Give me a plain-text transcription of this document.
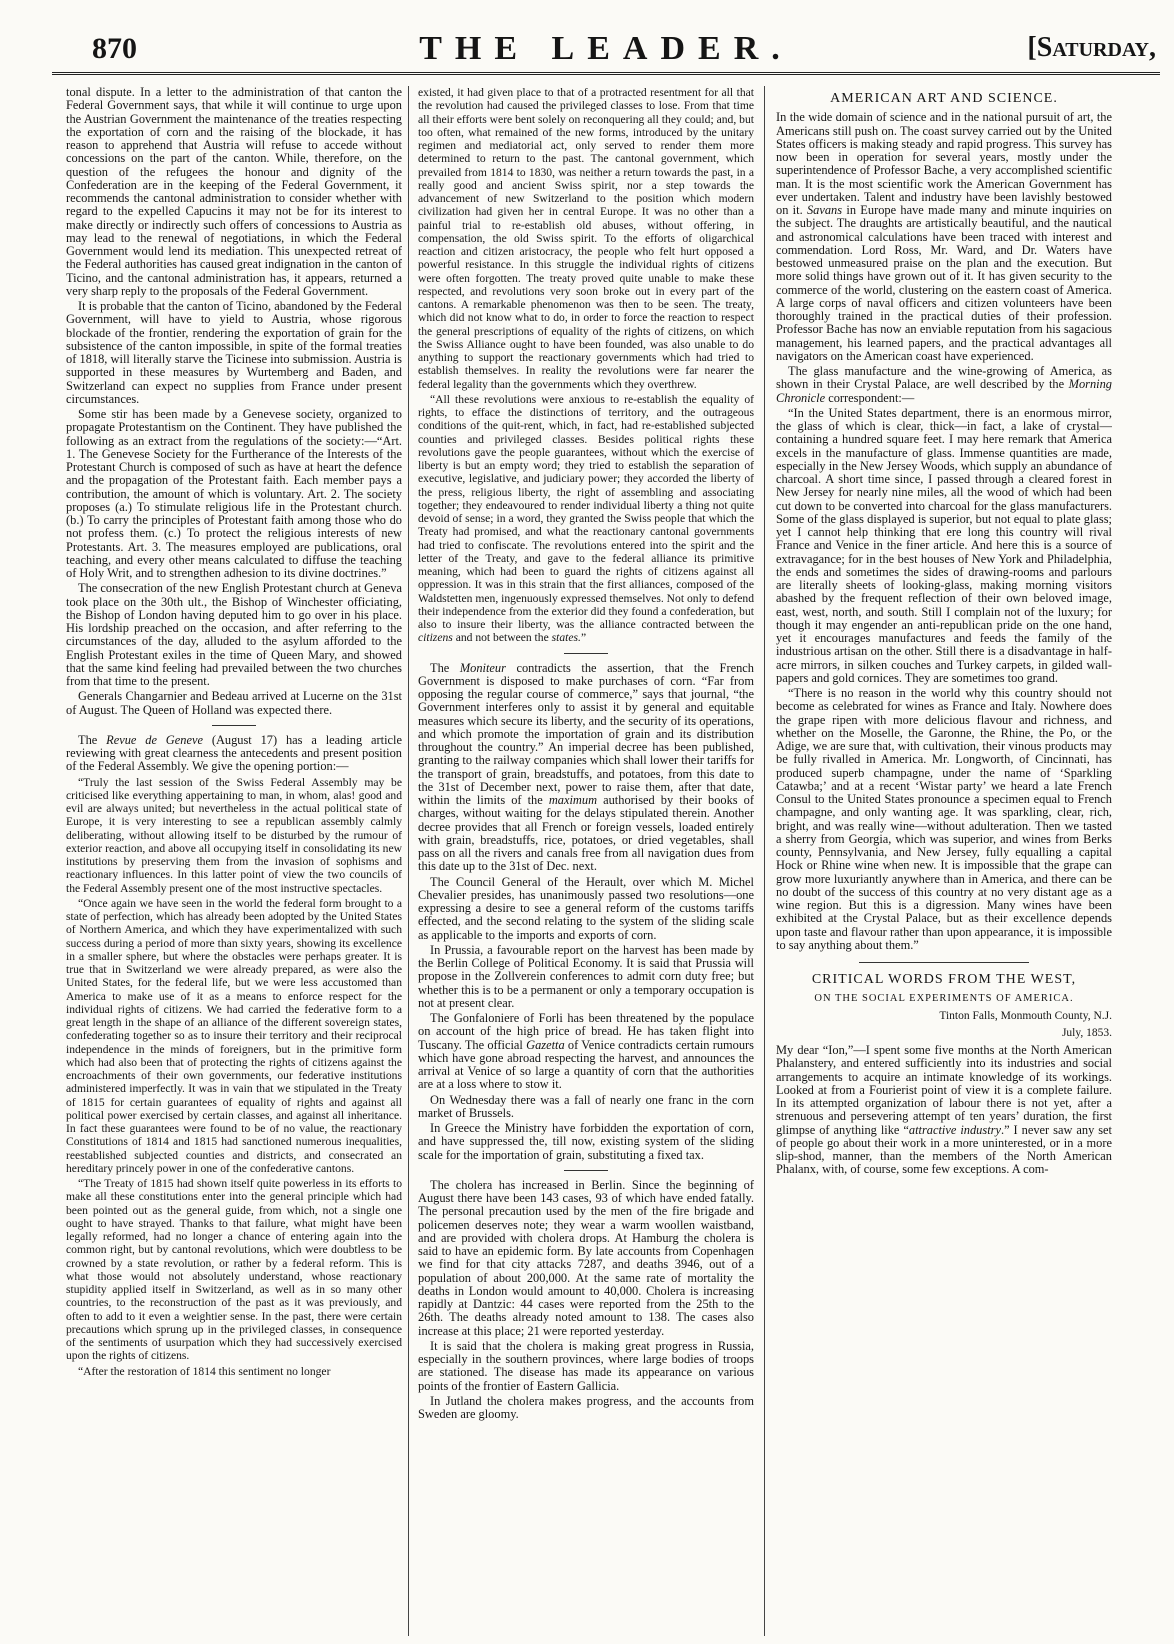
870	THE LEADER.	[Saturday,

tonal dispute. In a letter to the administration of that canton the Federal Government says, that while it will continue to urge upon the Austrian Government the maintenance of the treaties respecting the exportation of corn and the raising of the blockade, it has reason to apprehend that Austria will refuse to accede without concessions on the part of the canton. While, therefore, on the question of the refugees the honour and dignity of the Confederation are in the keeping of the Federal Government, it recommends the cantonal administration to consider whether with regard to the expelled Capucins it may not be for its interest to make directly or indirectly such offers of concessions to Austria as may lead to the renewal of negotiations, in which the Federal Government would lend its mediation. This unexpected retreat of the Federal authorities has caused great indignation in the canton of Ticino, and the cantonal administration has, it appears, returned a very sharp reply to the proposals of the Federal Government.

It is probable that the canton of Ticino, abandoned by the Federal Government, will have to yield to Austria, whose rigorous blockade of the frontier, rendering the exportation of grain for the subsistence of the canton impossible, in spite of the formal treaties of 1818, will literally starve the Ticinese into submission. Austria is supported in these measures by Wurtemberg and Baden, and Switzerland can expect no supplies from France under present circumstances.

Some stir has been made by a Genevese society, organized to propagate Protestantism on the Continent. They have published the following as an extract from the regulations of the society:—“Art. 1. The Genevese Society for the Furtherance of the Interests of the Protestant Church is composed of such as have at heart the defence and the propagation of the Protestant faith. Each member pays a contribution, the amount of which is voluntary. Art. 2. The society proposes (a.) To stimulate religious life in the Protestant church. (b.) To carry the principles of Protestant faith among those who do not profess them. (c.) To protect the religious interests of new Protestants. Art. 3. The measures employed are publications, oral teaching, and every other means calculated to diffuse the teaching of Holy Writ, and to strengthen adhesion to its divine doctrines.”

The consecration of the new English Protestant church at Geneva took place on the 30th ult., the Bishop of Winchester officiating, the Bishop of London having deputed him to go over in his place. His lordship preached on the occasion, and after referring to the circumstances of the day, alluded to the asylum afforded to the English Protestant exiles in the time of Queen Mary, and showed that the same kind feeling had prevailed between the two churches from that time to the present.

Generals Changarnier and Bedeau arrived at Lucerne on the 31st of August. The Queen of Holland was expected there.

The Revue de Geneve (August 17) has a leading article reviewing with great clearness the antecedents and present position of the Federal Assembly. We give the opening portion:—

“Truly the last session of the Swiss Federal Assembly may be criticised like everything appertaining to man, in whom, alas! good and evil are always united; but nevertheless in the actual political state of Europe, it is very interesting to see a republican assembly calmly deliberating, without allowing itself to be disturbed by the rumour of exterior reaction, and above all occupying itself in consolidating its new institutions by preserving them from the invasion of sophisms and reactionary influences. In this latter point of view the two councils of the Federal Assembly present one of the most instructive spectacles.

“Once again we have seen in the world the federal form brought to a state of perfection, which has already been adopted by the United States of Northern America, and which they have experimentalized with such success during a period of more than sixty years, showing its excellence in a smaller sphere, but where the obstacles were perhaps greater. It is true that in Switzerland we were already prepared, as were also the United States, for the federal life, but we were less accustomed than America to make use of it as a means to enforce respect for the individual rights of citizens. We had carried the federative form to a great length in the shape of an alliance of the different sovereign states, confederating together so as to insure their territory and their reciprocal independence in the minds of foreigners, but in the primitive form which had also been that of protecting the rights of citizens against the encroachments of their own governments, our federative institutions administered imperfectly. It was in vain that we stipulated in the Treaty of 1815 for certain guarantees of equality of rights and against all political power exercised by certain classes, and against all inheritance. In fact these guarantees were found to be of no value, the reactionary Constitutions of 1814 and 1815 had sanctioned numerous inequalities, reestablished subjected counties and districts, and consecrated an hereditary princely power in one of the confederative cantons.

“The Treaty of 1815 had shown itself quite powerless in its efforts to make all these constitutions enter into the general principle which had been pointed out as the general guide, from which, not a single one ought to have strayed. Thanks to that failure, what might have been legally reformed, had no longer a chance of entering again into the common right, but by cantonal revolutions, which were doubtless to be crowned by a state revolution, or rather by a federal reform. This is what those would not absolutely understand, whose reactionary stupidity applied itself in Switzerland, as well as in so many other countries, to the reconstruction of the past as it was previously, and often to add to it even a weightier sense. In the past, there were certain precautions which sprung up in the privileged classes, in consequence of the sentiments of usurpation which they had successively exercised upon the rights of citizens.

“After the restoration of 1814 this sentiment no longer

existed, it had given place to that of a protracted resentment for all that the revolution had caused the privileged classes to lose. From that time all their efforts were bent solely on reconquering all they could; and, but too often, what remained of the new forms, introduced by the unitary regimen and mediatorial act, only served to render them more determined to return to the past. The cantonal government, which prevailed from 1814 to 1830, was neither a return towards the past, in a really good and ancient Swiss spirit, nor a step towards the advancement of new Switzerland to the position which modern civilization had given her in central Europe. It was no other than a painful trial to re-establish old abuses, without offering, in compensation, the old Swiss spirit. To the efforts of oligarchical reaction and citizen aristocracy, the people who felt hurt opposed a powerful resistance. In this struggle the individual rights of citizens were often forgotten. The treaty proved quite unable to make these respected, and revolutions very soon broke out in every part of the cantons. A remarkable phenomenon was then to be seen. The treaty, which did not know what to do, in order to force the reaction to respect the general prescriptions of equality of the rights of citizens, on which the Swiss Alliance ought to have been founded, was also unable to do anything to support the reactionary governments which had tried to establish themselves. In reality the revolutions were far nearer the federal legality than the governments which they overthrew.

“All these revolutions were anxious to re-establish the equality of rights, to efface the distinctions of territory, and the outrageous conditions of the quit-rent, which, in fact, had re-established subjected counties and privileged classes. Besides political rights these revolutions gave the people guarantees, without which the exercise of liberty is but an empty word; they tried to establish the separation of executive, legislative, and judiciary power; they accorded the liberty of the press, religious liberty, the right of assembling and associating together; they endeavoured to render individual liberty a thing not quite devoid of sense; in a word, they granted the Swiss people that which the Treaty had promised, and what the reactionary cantonal governments had tried to confiscate. The revolutions entered into the spirit and the letter of the Treaty, and gave to the federal alliance its primitive meaning, which had been to guard the rights of citizens against all oppression. It was in this strain that the first alliances, composed of the Waldstetten men, ingenuously expressed themselves. Not only to defend their independence from the exterior did they found a confederation, but also to insure their liberty, was the alliance contracted between the citizens and not between the states.”

The Moniteur contradicts the assertion, that the French Government is disposed to make purchases of corn. “Far from opposing the regular course of commerce,” says that journal, “the Government interferes only to assist it by general and equitable measures which secure its liberty, and the security of its operations, and which promote the importation of grain and its distribution throughout the country.” An imperial decree has been published, granting to the railway companies which shall lower their tariffs for the transport of grain, breadstuffs, and potatoes, from this date to the 31st of December next, power to raise them, after that date, within the limits of the maximum authorised by their books of charges, without waiting for the delays stipulated therein. Another decree provides that all French or foreign vessels, loaded entirely with grain, breadstuffs, rice, potatoes, or dried vegetables, shall pass on all the rivers and canals free from all navigation dues from this date up to the 31st of Dec. next.

The Council General of the Herault, over which M. Michel Chevalier presides, has unanimously passed two resolutions—one expressing a desire to see a general reform of the customs tariffs effected, and the second relating to the system of the sliding scale as applicable to the imports and exports of corn.

In Prussia, a favourable report on the harvest has been made by the Berlin College of Political Economy. It is said that Prussia will propose in the Zollverein conferences to admit corn duty free; but whether this is to be a permanent or only a temporary occupation is not at present clear.

The Gonfaloniere of Forli has been threatened by the populace on account of the high price of bread. He has taken flight into Tuscany. The official Gazetta of Venice contradicts certain rumours which have gone abroad respecting the harvest, and announces the arrival at Venice of so large a quantity of corn that the authorities are at a loss where to stow it.

On Wednesday there was a fall of nearly one franc in the corn market of Brussels.

In Greece the Ministry have forbidden the exportation of corn, and have suppressed the, till now, existing system of the sliding scale for the importation of grain, substituting a fixed tax.

The cholera has increased in Berlin. Since the beginning of August there have been 143 cases, 93 of which have ended fatally. The personal precaution used by the men of the fire brigade and policemen deserves note; they wear a warm woollen waistband, and are provided with cholera drops. At Hamburg the cholera is said to have an epidemic form. By late accounts from Copenhagen we find for that city attacks 7287, and deaths 3946, out of a population of about 200,000. At the same rate of mortality the deaths in London would amount to 40,000. Cholera is increasing rapidly at Dantzic: 44 cases were reported from the 25th to the 26th. The deaths already noted amount to 138. The cases also increase at this place; 21 were reported yesterday.

It is said that the cholera is making great progress in Russia, especially in the southern provinces, where large bodies of troops are stationed. The disease has made its appearance on various points of the frontier of Eastern Gallicia.

In Jutland the cholera makes progress, and the accounts from Sweden are gloomy.

AMERICAN ART AND SCIENCE.

In the wide domain of science and in the national pursuit of art, the Americans still push on. The coast survey carried out by the United States officers is making steady and rapid progress. This survey has now been in operation for several years, mostly under the superintendence of Professor Bache, a very accomplished scientific man. It is the most scientific work the American Government has ever undertaken. Talent and industry have been lavishly bestowed on it. Savans in Europe have made many and minute inquiries on the subject. The draughts are artistically beautiful, and the nautical and astronomical calculations have been traced with interest and commendation. Lord Ross, Mr. Ward, and Dr. Waters have bestowed unmeasured praise on the plan and the execution. But more solid things have grown out of it. It has given security to the commerce of the world, clustering on the eastern coast of America. A large corps of naval officers and citizen volunteers have been thoroughly trained in the practical duties of their profession. Professor Bache has now an enviable reputation from his sagacious management, his learned papers, and the practical advantages all navigators on the American coast have experienced.

The glass manufacture and the wine-growing of America, as shown in their Crystal Palace, are well described by the Morning Chronicle correspondent:—

“In the United States department, there is an enormous mirror, the glass of which is clear, thick—in fact, a lake of crystal—containing a hundred square feet. I may here remark that America excels in the manufacture of glass. Immense quantities are made, especially in the New Jersey Woods, which supply an abundance of charcoal. A short time since, I passed through a cleared forest in New Jersey for nearly nine miles, all the wood of which had been cut down to be converted into charcoal for the glass manufacturers. Some of the glass displayed is superior, but not equal to plate glass; yet I cannot help thinking that ere long this country will rival France and Venice in the finer article. And here this is a source of extravagance; for in the best houses of New York and Philadelphia, the ends and sometimes the sides of drawing-rooms and parlours are literally sheets of looking-glass, making morning visitors abashed by the frequent reflection of their own beloved image, east, west, north, and south. Still I complain not of the luxury; for though it may engender an anti-republican pride on the one hand, yet it encourages manufactures and feeds the family of the industrious artisan on the other. Still there is a disadvantage in half-acre mirrors, in silken couches and Turkey carpets, in gilded wall-papers and gold cornices. They are sometimes too grand.

“There is no reason in the world why this country should not become as celebrated for wines as France and Italy. Nowhere does the grape ripen with more delicious flavour and richness, and whether on the Moselle, the Garonne, the Rhine, the Po, or the Adige, we are sure that, with cultivation, their vinous products may be fully rivalled in America. Mr. Longworth, of Cincinnati, has produced superb champagne, under the name of ‘Sparkling Catawba;’ and at a recent ‘Wistar party’ we heard a late French Consul to the United States pronounce a specimen equal to French champagne, and only wanting age. It was sparkling, clear, rich, bright, and was really wine—without adulteration. Then we tasted a sherry from Georgia, which was superior, and wines from Berks county, Pennsylvania, and New Jersey, fully equalling a capital Hock or Rhine wine when new. It is impossible that the grape can grow more luxuriantly anywhere than in America, and there can be no doubt of the success of this country at no very distant age as a wine region. But this is a digression. Many wines have been exhibited at the Crystal Palace, but as their excellence depends upon taste and flavour rather than upon appearance, it is impossible to say anything about them.”

CRITICAL WORDS FROM THE WEST,
ON THE SOCIAL EXPERIMENTS OF AMERICA.
Tinton Falls, Monmouth County, N.J.
July, 1853.

My dear “Ion,”—I spent some five months at the North American Phalanstery, and entered sufficiently into its industries and social arrangements to acquire an intimate knowledge of its workings. Looked at from a Fourierist point of view it is a complete failure. In its attempted organization of labour there is not yet, after a strenuous and persevering attempt of ten years’ duration, the first glimpse of anything like “attractive industry.” I never saw any set of people go about their work in a more uninterested, or in a more slip-shod, manner, than the members of the North American Phalanx, with, of course, some few exceptions. A com-
